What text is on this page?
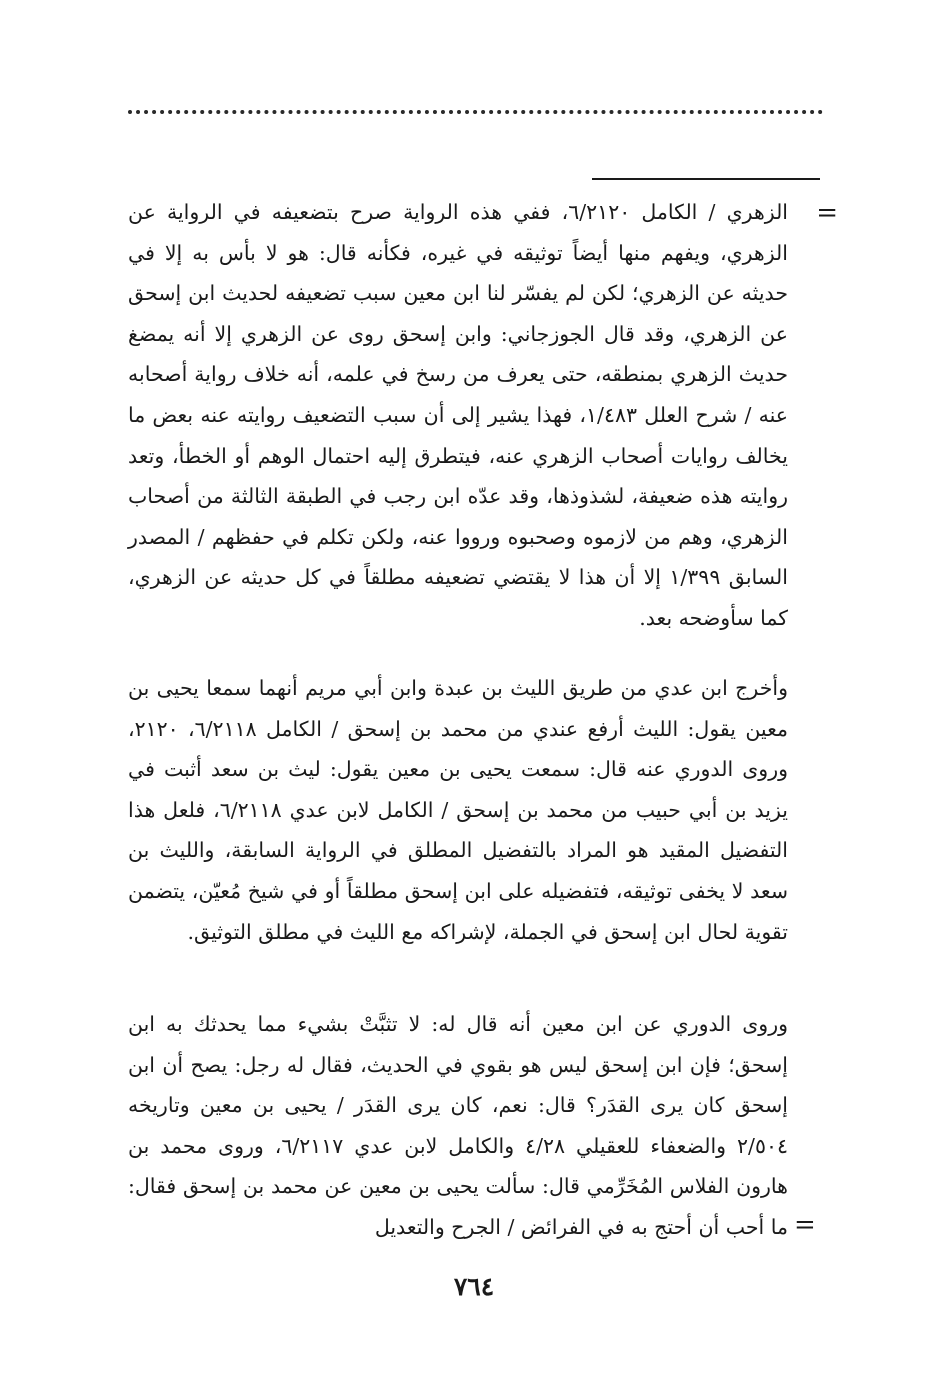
=
الزهري / الكامل ٦/٢١٢٠، ففي هذه الرواية صرح بتضعيفه في الرواية عن الزهري، ويفهم منها أيضاً توثيقه في غيره، فكأنه قال: هو لا بأس به إلا في حديثه عن الزهري؛ لكن لم يفسّر لنا ابن معين سبب تضعيفه لحديث ابن إسحق عن الزهري، وقد قال الجوزجاني: وابن إسحق روى عن الزهري إلا أنه يمضغ حديث الزهري بمنطقه، حتى يعرف من رسخ في علمه، أنه خلاف رواية أصحابه عنه / شرح العلل ١/٤٨٣، فهذا يشير إلى أن سبب التضعيف روايته عنه بعض ما يخالف روايات أصحاب الزهري عنه، فيتطرق إليه احتمال الوهم أو الخطأ، وتعد روايته هذه ضعيفة، لشذوذها، وقد عدّه ابن رجب في الطبقة الثالثة من أصحاب الزهري، وهم من لازموه وصحبوه ورووا عنه، ولكن تكلم في حفظهم / المصدر السابق ١/٣٩٩ إلا أن هذا لا يقتضي تضعيفه مطلقاً في كل حديثه عن الزهري، كما سأوضحه بعد.
وأخرج ابن عدي من طريق الليث بن عبدة وابن أبي مريم أنهما سمعا يحيى بن معين يقول: الليث أرفع عندي من محمد بن إسحق / الكامل ٦/٢١١٨، ٢١٢٠، وروى الدوري عنه قال: سمعت يحيى بن معين يقول: ليث بن سعد أثبت في يزيد بن أبي حبيب من محمد بن إسحق / الكامل لابن عدي ٦/٢١١٨، فلعل هذا التفضيل المقيد هو المراد بالتفضيل المطلق في الرواية السابقة، والليث بن سعد لا يخفى توثيقه، فتفضيله على ابن إسحق مطلقاً أو في شيخ مُعيّن، يتضمن تقوية لحال ابن إسحق في الجملة، لإشراكه مع الليث في مطلق التوثيق.
وروى الدوري عن ابن معين أنه قال له: لا تثبَّتْ بشيء مما يحدثك به ابن إسحق؛ فإن ابن إسحق ليس هو بقوي في الحديث، فقال له رجل: يصح أن ابن إسحق كان يرى القدَر؟ قال: نعم، كان يرى القدَر / يحيى بن معين وتاريخه ٢/٥٠٤ والضعفاء للعقيلي ٤/٢٨ والكامل لابن عدي ٦/٢١١٧، وروى محمد بن هارون الفلاس المُخَرِّمي قال: سألت يحيى بن معين عن محمد بن إسحق فقال: ما أحب أن أحتج به في الفرائض / الجرح والتعديل =
٧٦٤
